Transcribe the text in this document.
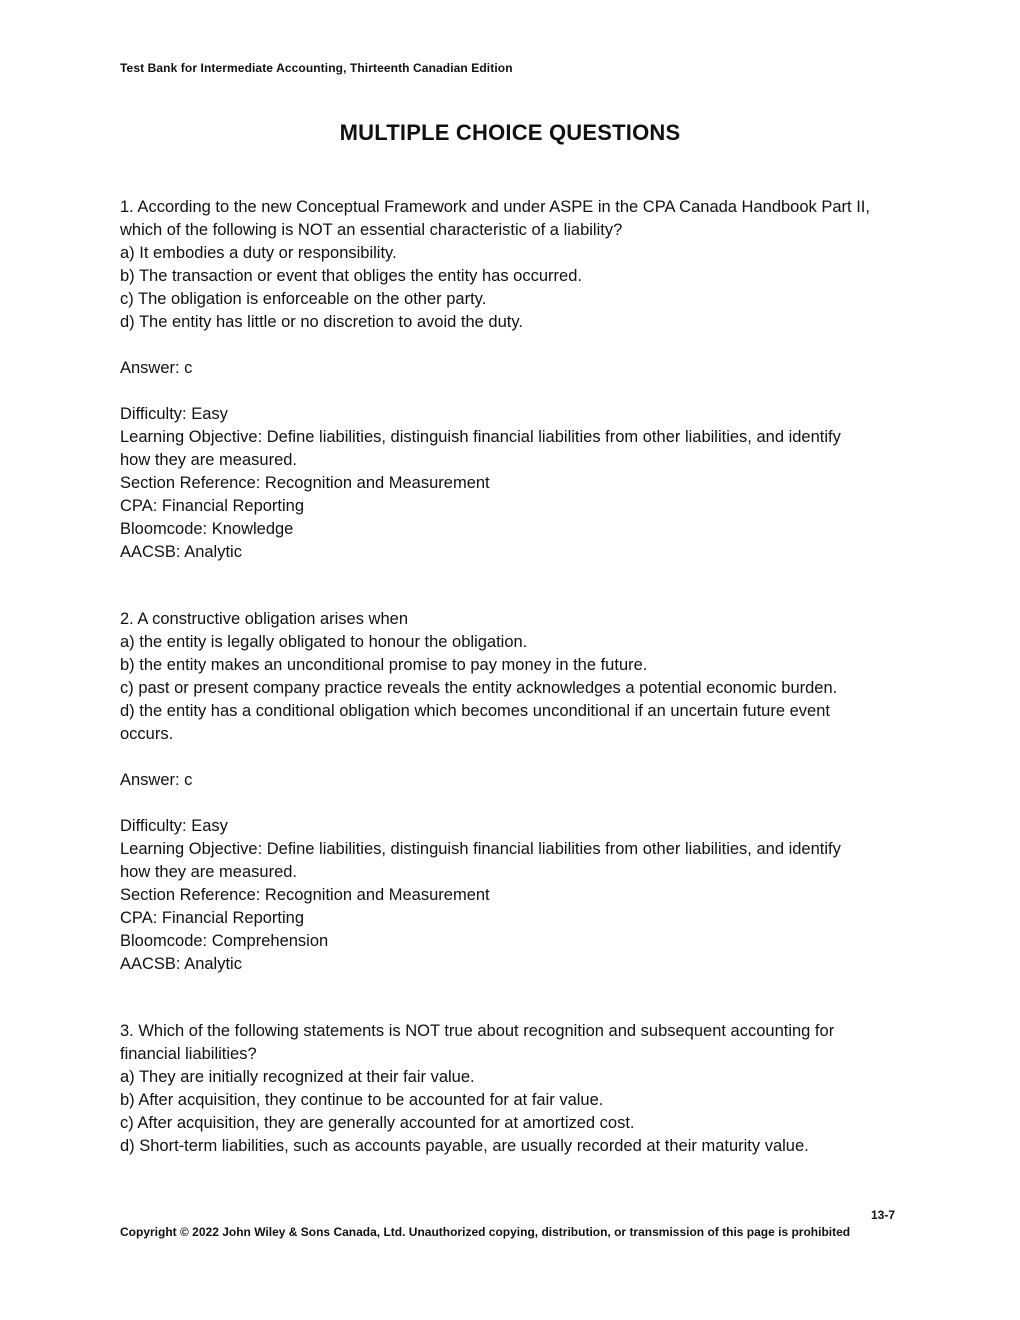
Test Bank for Intermediate Accounting, Thirteenth Canadian Edition
MULTIPLE CHOICE QUESTIONS
1. According to the new Conceptual Framework and under ASPE in the CPA Canada Handbook Part II,
which of the following is NOT an essential characteristic of a liability?
a) It embodies a duty or responsibility.
b) The transaction or event that obliges the entity has occurred.
c) The obligation is enforceable on the other party.
d) The entity has little or no discretion to avoid the duty.
Answer: c
Difficulty: Easy
Learning Objective: Define liabilities, distinguish financial liabilities from other liabilities, and identify
how they are measured.
Section Reference: Recognition and Measurement
CPA: Financial Reporting
Bloomcode: Knowledge
AACSB: Analytic
2. A constructive obligation arises when
a) the entity is legally obligated to honour the obligation.
b) the entity makes an unconditional promise to pay money in the future.
c) past or present company practice reveals the entity acknowledges a potential economic burden.
d) the entity has a conditional obligation which becomes unconditional if an uncertain future event
occurs.
Answer: c
Difficulty: Easy
Learning Objective: Define liabilities, distinguish financial liabilities from other liabilities, and identify
how they are measured.
Section Reference: Recognition and Measurement
CPA: Financial Reporting
Bloomcode: Comprehension
AACSB: Analytic
3. Which of the following statements is NOT true about recognition and subsequent accounting for
financial liabilities?
a) They are initially recognized at their fair value.
b) After acquisition, they continue to be accounted for at fair value.
c) After acquisition, they are generally accounted for at amortized cost.
d) Short-term liabilities, such as accounts payable, are usually recorded at their maturity value.
13-7
Copyright © 2022 John Wiley & Sons Canada, Ltd. Unauthorized copying, distribution, or transmission of this page is prohibited
